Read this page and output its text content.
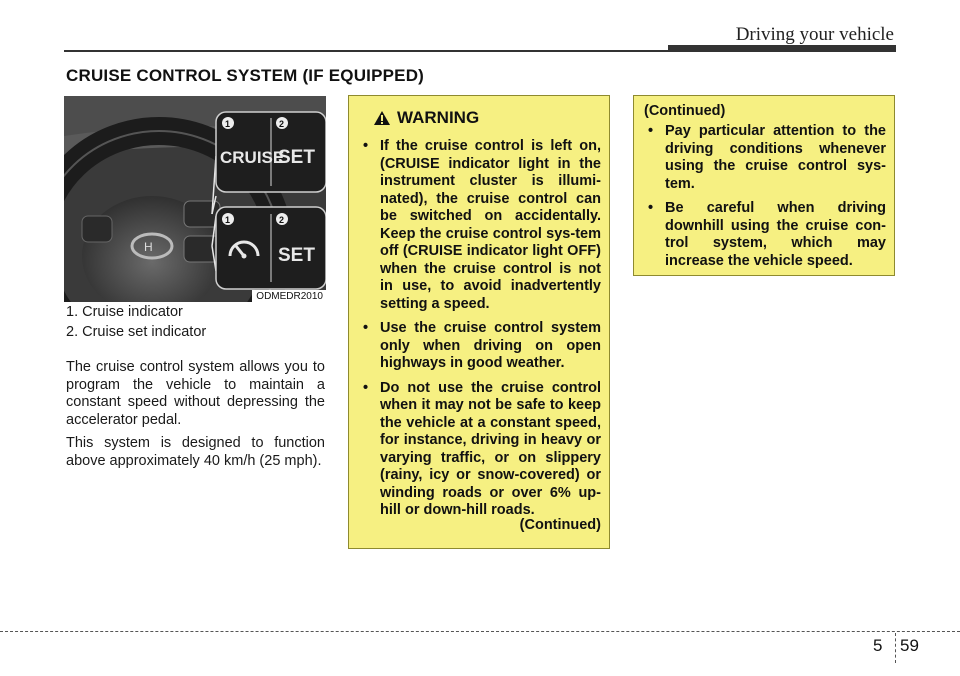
Driving your vehicle
CRUISE CONTROL SYSTEM (IF EQUIPPED)
H
1	2
CRUISE
SET
1	2
SET
ODMEDR2010
1. Cruise indicator
2. Cruise set indicator

The cruise control system allows you to program the vehicle to maintain a constant speed without depressing the accelerator pedal.

This system is designed to function above approximately 40 km/h (25 mph).

WARNING
• If the cruise control is left on, (CRUISE indicator light in the instrument cluster is illumi-nated), the cruise control can be switched on accidentally. Keep the cruise control sys-tem off (CRUISE indicator light OFF) when the cruise control is not in use, to avoid inadvertently setting a speed.
• Use the cruise control system only when driving on open highways in good weather.
• Do not use the cruise control when it may not be safe to keep the vehicle at a constant speed, for instance, driving in heavy or varying traffic, or on slippery (rainy, icy or snow-covered) or winding roads or over 6% up-hill or down-hill roads.
(Continued)
(Continued)
• Pay particular attention to the driving conditions whenever using the cruise control sys-tem.
• Be careful when driving downhill using the cruise con-trol system, which may increase the vehicle speed.
5 59
